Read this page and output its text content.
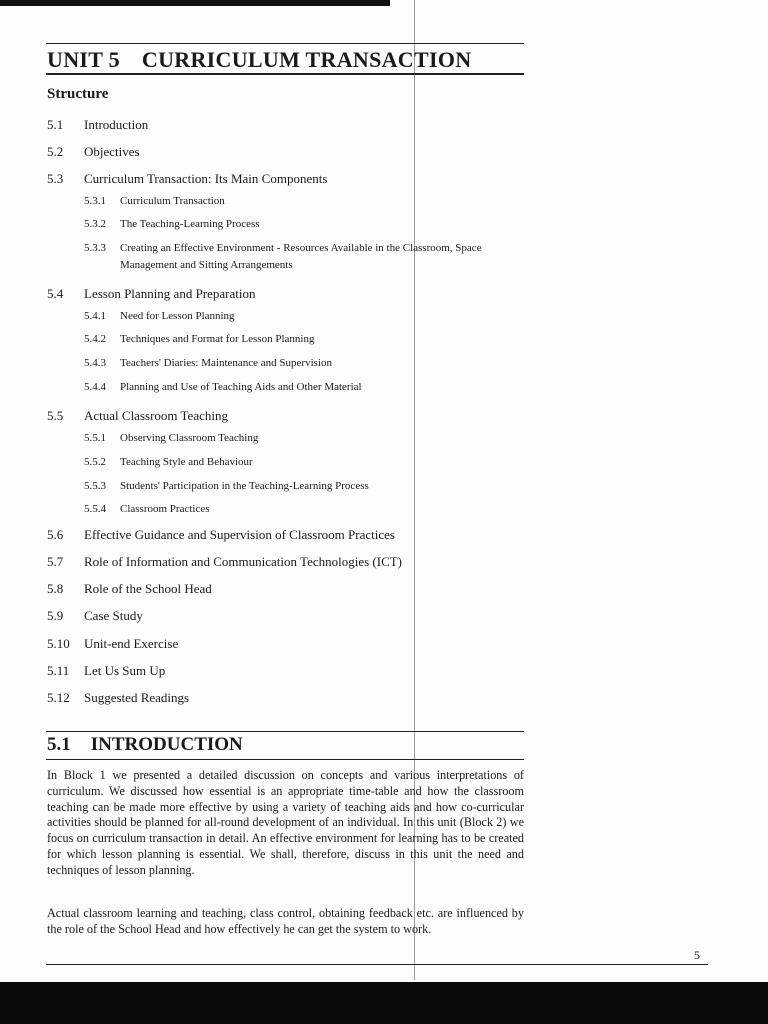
UNIT 5 CURRICULUM TRANSACTION
Structure
5.1 Introduction
5.2 Objectives
5.3 Curriculum Transaction: Its Main Components
5.3.1 Curriculum Transaction
5.3.2 The Teaching-Learning Process
5.3.3 Creating an Effective Environment - Resources Available in the Classroom, Space
Management and Sitting Arrangements
5.4 Lesson Planning and Preparation
5.4.1 Need for Lesson Planning
5.4.2 Techniques and Format for Lesson Planning
5.4.3 Teachers' Diaries: Maintenance and Supervision
5.4.4 Planning and Use of Teaching Aids and Other Material
5.5 Actual Classroom Teaching
5.5.1 Observing Classroom Teaching
5.5.2 Teaching Style and Behaviour
5.5.3 Students' Participation in the Teaching-Learning Process
5.5.4 Classroom Practices
5.6 Effective Guidance and Supervision of Classroom Practices
5.7 Role of Information and Communication Technologies (ICT)
5.8 Role of the School Head
5.9 Case Study
5.10 Unit-end Exercise
5.11 Let Us Sum Up
5.12 Suggested Readings
5.1 INTRODUCTION
In Block 1 we presented a detailed discussion on concepts and various interpretations of curriculum. We discussed how essential is an appropriate time-table and how the classroom teaching can be made more effective by using a variety of teaching aids and how co-curricular activities should be planned for all-round development of an individual. In this unit (Block 2) we focus on curriculum transaction in detail. An effective environment for learning has to be created for which lesson planning is essential. We shall, therefore, discuss in this unit the need and techniques of lesson planning.
Actual classroom learning and teaching, class control, obtaining feedback etc. are influenced by the role of the School Head and how effectively he can get the system to work.
5
